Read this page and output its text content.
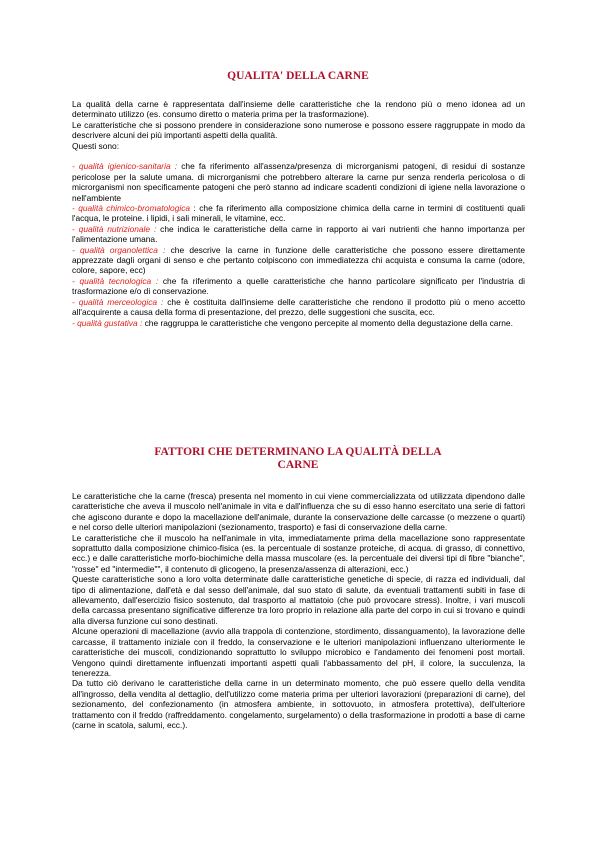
QUALITA' DELLA CARNE

La qualità della carne è rappresentata dall'insieme delle caratteristiche che la rendono più o meno idonea ad un determinato utilizzo (es. consumo diretto o materia prima per la trasformazione).

Le caratteristiche che si possono prendere in considerazione sono numerose e possono essere raggruppate in modo da descrivere alcuni dei più importanti aspetti della qualità.

Questi sono:

- qualità igienico-sanitaria : che fa riferimento all'assenza/presenza di microrganismi patogeni, di residui di sostanze pericolose per la salute umana. di microrganismi che potrebbero alterare la carne pur senza renderla pericolosa o di microrganismi non specificamente patogeni che però stanno ad indicare scadenti condizioni di igiene nella lavorazione o nell'ambiente

- qualità chimico-bromatologica : che fa riferimento alla composizione chimica della carne in termini di costituenti quali l'acqua, le proteine. i lipidi, i sali minerali, le vitamine, ecc.

- qualità nutrizionale : che indica le caratteristiche della carne in rapporto ai vari nutrienti che hanno importanza per l'alimentazione umana.

- qualità organolettica : che descrive la carne in funzione delle caratteristiche che possono essere direttamente apprezzate dagli organi di senso e che pertanto colpiscono con immediatezza chi acquista e consuma la carne (odore, colore, sapore, ecc)

- qualità tecnologica : che fa riferimento a quelle caratteristiche che hanno particolare significato per l'industria di trasformazione e/o di conservazione.

- qualità merceologica : che è costituita dall'insieme delle caratteristiche che rendono il prodotto più o meno accetto all'acquirente a causa della forma di presentazione, del prezzo, delle suggestioni che suscita, ecc.

- qualità gustativa : che raggruppa le caratteristiche che vengono percepite al momento della degustazione della carne.

FATTORI CHE DETERMINANO LA QUALITÀ DELLA
CARNE

Le caratteristiche che la carne (fresca) presenta nel momento in cui viene commercializzata od utilizzata dipendono dalle caratteristiche che aveva il muscolo nell'animale in vita e dall'influenza che su di esso hanno esercitato una serie di fattori che agiscono durante e dopo la macellazione dell'animale, durante la conservazione delle carcasse (o mezzene o quarti) e nel corso delle ulteriori manipolazioni (sezionamento, trasporto) e fasi di conservazione della carne.

Le caratteristiche che il muscolo ha nell'animale in vita, immediatamente prima della macellazione sono rappresentate soprattutto dalla composizione chimico-fisica (es. la percentuale di sostanze proteiche, di acqua. di grasso, di connettivo, ecc.) e dalle caratteristiche morfo-biochimiche della massa muscolare (es. la percentuale dei diversi tipi di fibre "bianche", "rosse" ed "intermedie"", il contenuto di glicogeno, la presenza/assenza di alterazioni, ecc.)

Queste caratteristiche sono a loro volta determinate dalle caratteristiche genetiche di specie, di razza ed individuali, dal tipo di alimentazione, dall'età e dal sesso dell'animale, dal suo stato di salute, da eventuali trattamenti subiti in fase di allevamento, dall'esercizio fisico sostenuto, dal trasporto al mattatoio (che può provocare stress). Inoltre, i vari muscoli della carcassa presentano significative differenze tra loro proprio in relazione alla parte del corpo in cui si trovano e quindi alla diversa funzione cui sono destinati.

Alcune operazioni di macellazione (avvio alla trappola di contenzione, stordimento, dissanguamento), la lavorazione delle carcasse, il trattamento iniziale con il freddo, la conservazione e le ulteriori manipolazioni influenzano ulteriormente le caratteristiche dei muscoli, condizionando soprattutto lo sviluppo microbico e l'andamento dei fenomeni post mortali. Vengono quindi direttamente influenzati importanti aspetti quali l'abbassamento del pH, il colore, la succulenza, la tenerezza.

Da tutto ciò derivano le caratteristiche della carne in un determinato momento, che può essere quello della vendita all'ingrosso, della vendita al dettaglio, dell'utilizzo come materia prima per ulteriori lavorazioni (preparazioni di carne), del sezionamento, del confezionamento (in atmosfera ambiente, in sottovuoto, in atmosfera protettiva), dell'ulteriore trattamento con il freddo (raffreddamento. congelamento, surgelamento) o della trasformazione in prodotti a base di carne (carne in scatola, salumi, ecc.).
